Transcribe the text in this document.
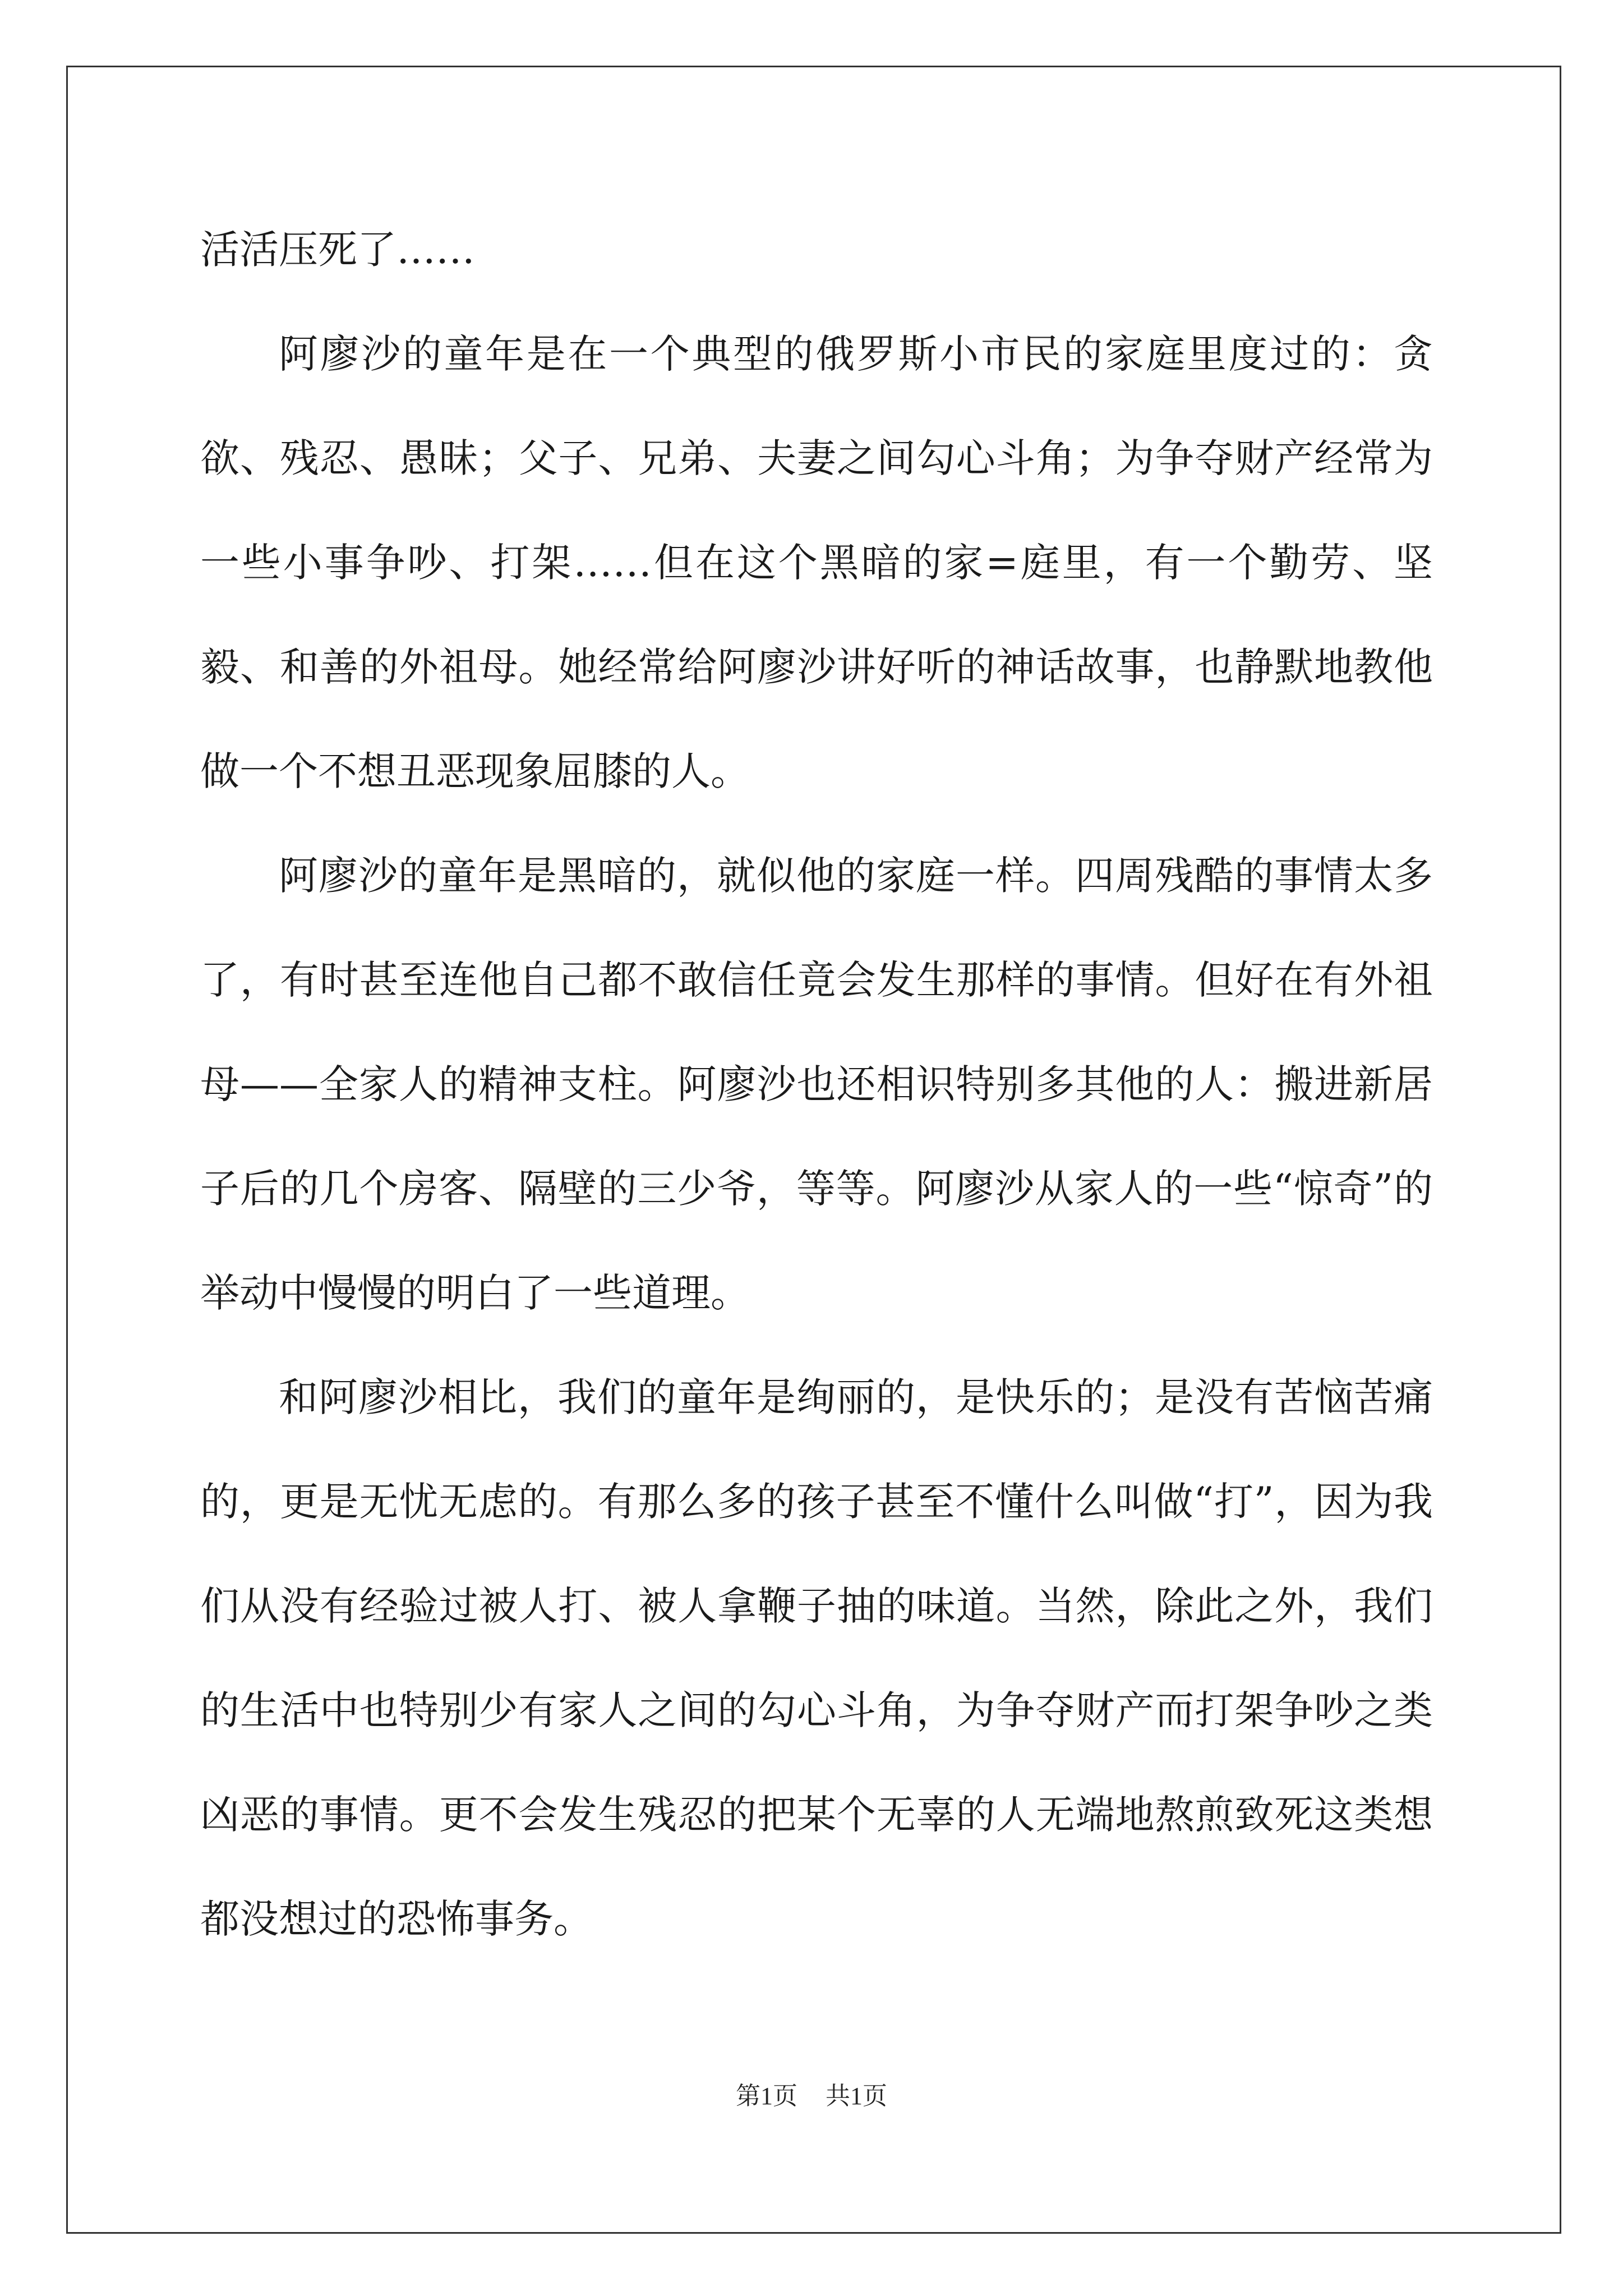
活活压死了……

阿廖沙的童年是在一个典型的俄罗斯小市民的家庭里度过的：贪欲、残忍、愚昧；父子、兄弟、夫妻之间勾心斗角；为争夺财产经常为一些小事争吵、打架……但在这个黑暗的家=庭里，有一个勤劳、坚毅、和善的外祖母。她经常给阿廖沙讲好听的神话故事，也静默地教他做一个不想丑恶现象屈膝的人。

阿廖沙的童年是黑暗的，就似他的家庭一样。四周残酷的事情太多了，有时甚至连他自己都不敢信任竟会发生那样的事情。但好在有外祖母——全家人的精神支柱。阿廖沙也还相识特别多其他的人：搬进新居子后的几个房客、隔壁的三少爷，等等。阿廖沙从家人的一些“惊奇”的举动中慢慢的明白了一些道理。

和阿廖沙相比，我们的童年是绚丽的，是快乐的；是没有苦恼苦痛的，更是无忧无虑的。有那么多的孩子甚至不懂什么叫做“打”，因为我们从没有经验过被人打、被人拿鞭子抽的味道。当然，除此之外，我们的生活中也特别少有家人之间的勾心斗角，为争夺财产而打架争吵之类凶恶的事情。更不会发生残忍的把某个无辜的人无端地熬煎致死这类想都没想过的恐怖事务。

第1页 共1页
